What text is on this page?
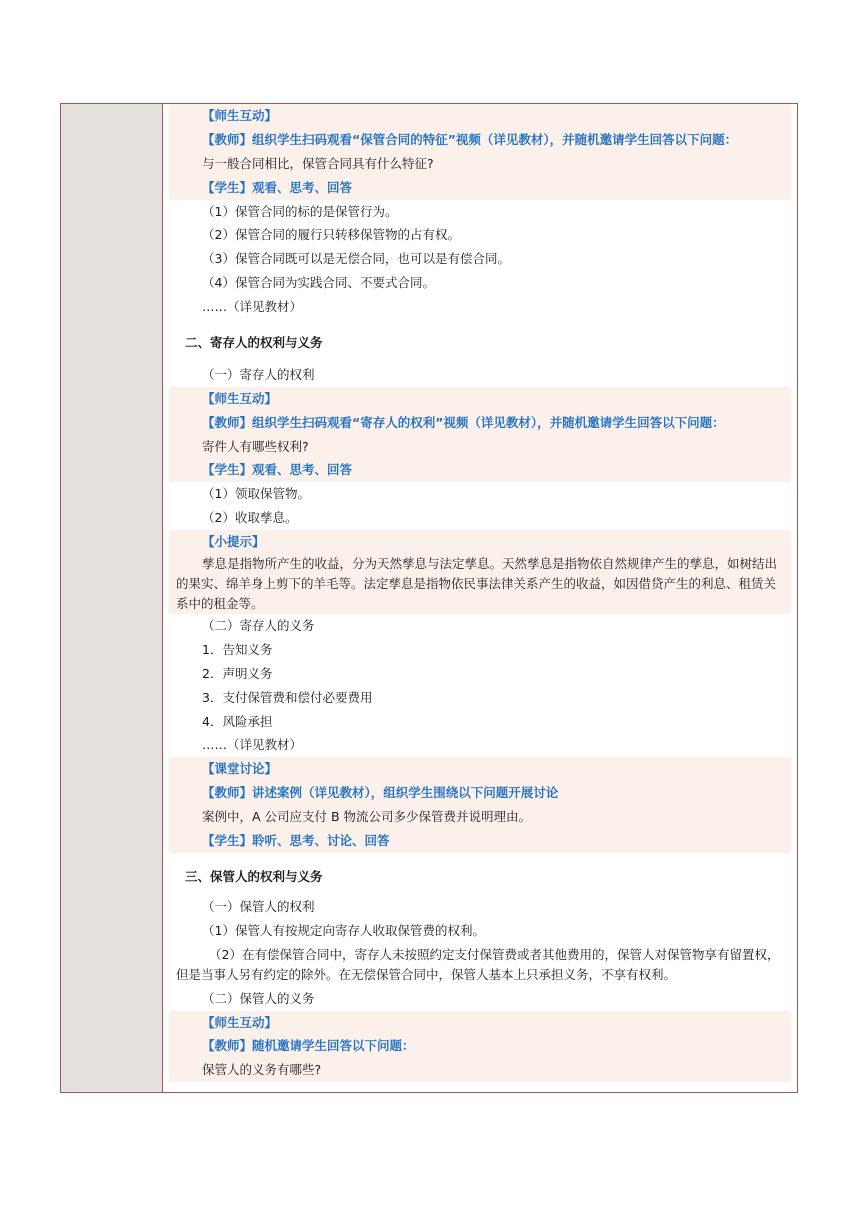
【师生互动】
【教师】组织学生扫码观看“保管合同的特征”视频（详见教材），并随机邀请学生回答以下问题：
与一般合同相比，保管合同具有什么特征?
【学生】观看、思考、回答
（1）保管合同的标的是保管行为。
（2）保管合同的履行只转移保管物的占有权。
（3）保管合同既可以是无偿合同，也可以是有偿合同。
（4）保管合同为实践合同、不要式合同。
……（详见教材）
二、寄存人的权利与义务
（一）寄存人的权利
【师生互动】
【教师】组织学生扫码观看“寄存人的权利”视频（详见教材），并随机邀请学生回答以下问题：
寄件人有哪些权利?
【学生】观看、思考、回答
（1）领取保管物。
（2）收取孳息。
【小提示】
孳息是指物所产生的收益，分为天然孳息与法定孳息。天然孳息是指物依自然规律产生的孳息，如树结出的果实、绵羊身上剪下的羊毛等。法定孳息是指物依民事法律关系产生的收益，如因借贷产生的利息、租赁关系中的租金等。
（二）寄存人的义务
1．告知义务
2．声明义务
3．支付保管费和偿付必要费用
4．风险承担
……（详见教材）
【课堂讨论】
【教师】讲述案例（详见教材），组织学生围绕以下问题开展讨论
案例中，A 公司应支付 B 物流公司多少保管费并说明理由。
【学生】聆听、思考、讨论、回答
三、保管人的权利与义务
（一）保管人的权利
（1）保管人有按规定向寄存人收取保管费的权利。
（2）在有偿保管合同中，寄存人未按照约定支付保管费或者其他费用的，保管人对保管物享有留置权，但是当事人另有约定的除外。在无偿保管合同中，保管人基本上只承担义务，不享有权利。
（二）保管人的义务
【师生互动】
【教师】随机邀请学生回答以下问题：
保管人的义务有哪些?
